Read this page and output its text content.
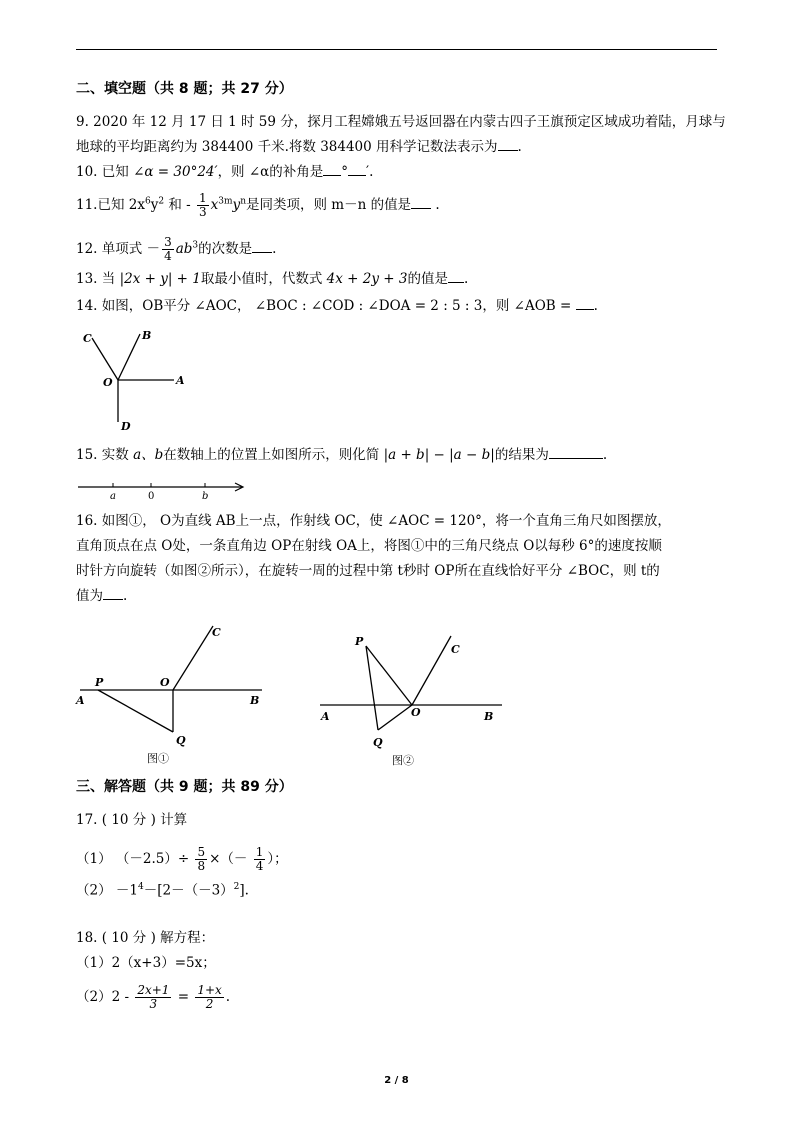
二、填空题（共 8 题；共 27 分）
9. 2020 年 12 月 17 日 1 时 59 分，探月工程嫦娥五号返回器在内蒙古四子王旗预定区域成功着陆，月球与
地球的平均距离约为 384400 千米.将数 384400 用科学记数法表示为 .
10. 已知 ∠α = 30°24′，则 ∠α的补角是 ° ′.
11.已知 $2x^6y^2$ 和 - $\frac{1}{3} x^{3m}y^n$是同类项，则 m－n 的值是 .
12. 单项式 － $\frac{3}{4} ab^3$的次数是 .
13. 当 |2x + y| + 1取最小值时，代数式 4x + 2y + 3的值是 .
14. 如图，OB平分 ∠AOC， ∠BOC : ∠COD : ∠DOA = 2 : 5 : 3，则 ∠AOB = .
C	B
O	A
D
15. 实数 a、b在数轴上的位置上如图所示，则化简 |a + b| − |a − b|的结果为	.
a	0	b
16. 如图①， O为直线 AB上一点，作射线 OC，使 ∠AOC = 120°，将一个直角三角尺如图摆放，
直角顶点在点 O处，一条直角边 OP在射线 OA上，将图①中的三角尺绕点 O以每秒 6°的速度按顺
时针方向旋转（如图②所示），在旋转一周的过程中第 t秒时 OP所在直线恰好平分 ∠BOC，则 t的
值为 .
C
P	O
A	B
Q
图①
P
C
A	O	B
Q
图②
三、解答题（共 9 题；共 89 分）
17. ( 10 分 ) 计算
（1） $(-2.5)\div \frac{5}{8}$ ×（－ $\frac{1}{4}$ ）；
$(2) -1^4-[2-(-3)^2]$.
18. ( 10 分 ) 解方程：
（1）2（x+3）=5x；
$(2)2 - \frac{2x+1}{3} = \frac{1+x}{2}$ .
2 / 8
